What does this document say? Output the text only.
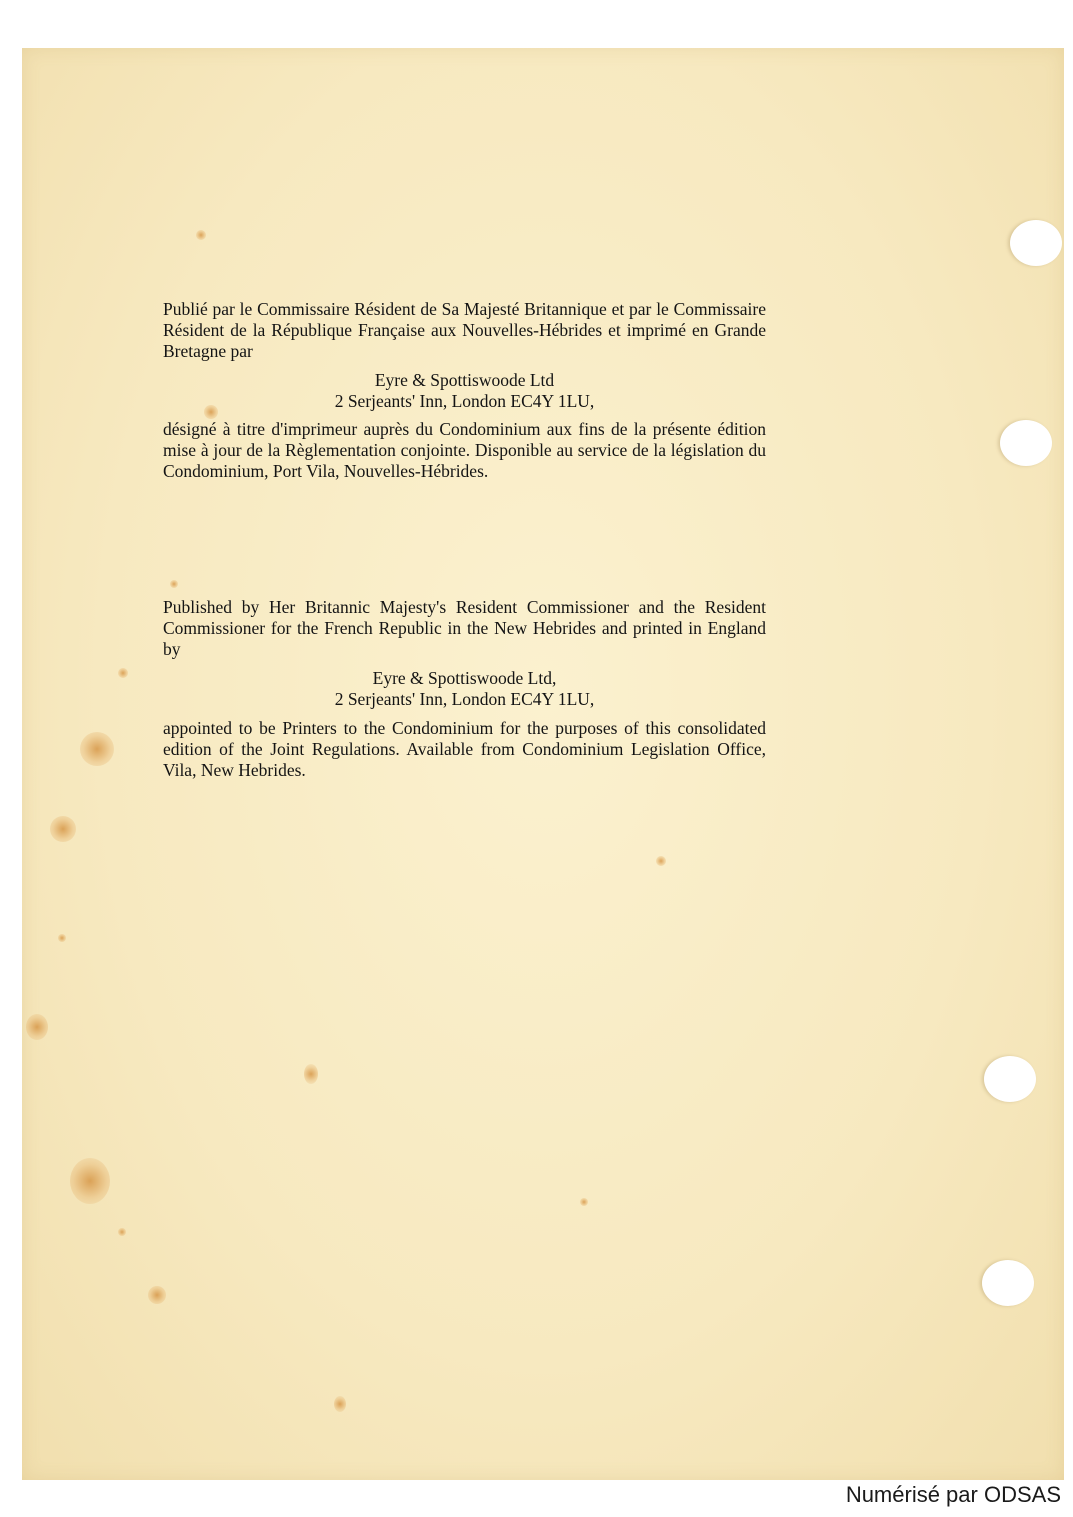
Publié par le Commissaire Résident de Sa Majesté Britannique et par le Commissaire Résident de la République Française aux Nouvelles-Hébrides et imprimé en Grande Bretagne par

Eyre & Spottiswoode Ltd
2 Serjeants' Inn, London EC4Y 1LU,

désigné à titre d'imprimeur auprès du Condominium aux fins de la présente édition mise à jour de la Règlementation conjointe. Disponible au service de la législation du Condominium, Port Vila, Nouvelles-Hébrides.

Published by Her Britannic Majesty's Resident Commissioner and the Resident Commissioner for the French Republic in the New Hebrides and printed in England by

Eyre & Spottiswoode Ltd,
2 Serjeants' Inn, London EC4Y 1LU,

appointed to be Printers to the Condominium for the purposes of this consolidated edition of the Joint Regulations. Available from Condominium Legislation Office, Vila, New Hebrides.

Numérisé par ODSAS
